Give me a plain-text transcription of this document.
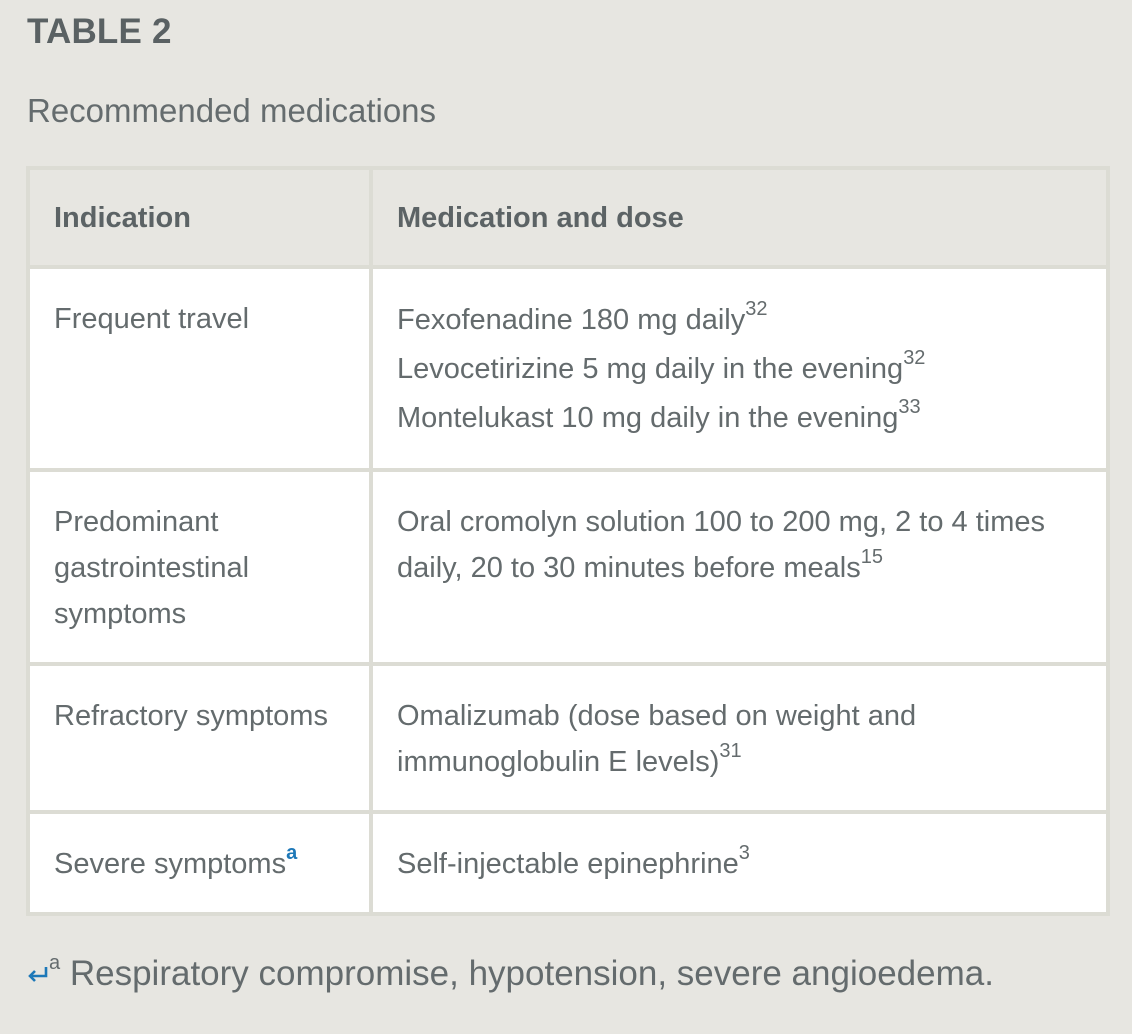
TABLE 2
Recommended medications
Indication	Medication and dose
Frequent travel	Fexofenadine 180 mg daily$^{32}$
Levocetirizine 5 mg daily in the evening$^{32}$
Montelukast 10 mg daily in the evening$^{33}$

Predominant gastrointestinal symptoms	Oral cromolyn solution 100 to 200 mg, 2 to 4 times daily, 20 to 30 minutes before meals$^{15}$
Refractory symptoms	Omalizumab (dose based on weight and immunoglobulin E levels)$^{31}$
Severe symptoms$^a$	Self-injectable epinephrine$^3$
$^a$ Respiratory compromise, hypotension, severe angioedema.
